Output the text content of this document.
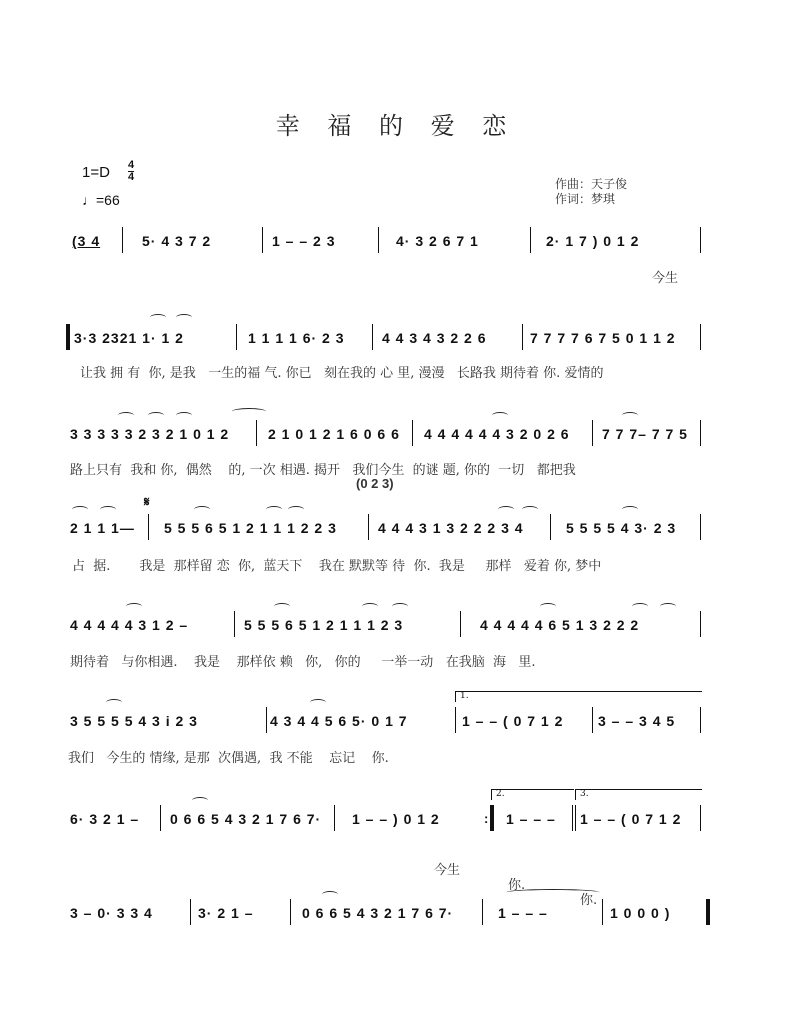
幸 福 的 爱 恋
1=D 4
4
♩=66
作曲：天子俊
作词：梦琪
(3 4	5· 4 3 7 2	1 – – 2 3	4· 3 2 6 7 1	2· 1 7 ) 0 1 2
今生
3·3 2321 1· 1 2	1 1 1 1 6· 2 3	4 4 3 4 3 2 2 6	7 7 7 7 6 7 5 0 1 1 2
让我 拥 有  你, 是我   一生的福 气. 你已   刻在我的 心 里, 漫漫   长路我 期待着 你. 爱情的
3 3 3 3 3 2 3 2 1 0 1 2	2 1 0 1 2 1 6 0 6 6 4 4 4 4 4 4 3 2 0 2 6 7 7 7– 7 7 5
路上只有  我和 你,  偶然    的, 一次 相遇. 揭开   我们今生  的谜 题, 你的  一切   都把我
(0 2 3)
2 1 1 1—
𝄋
5 5 5 6 5 1 2 1 1 1 2 2 3	4 4 4 3 1 3 2 2 2 3 4	5 5 5 5 4 3· 2 3
占  据.       我是  那样留 恋  你,  蓝天下    我在 默默等 待  你.  我是     那样   爱着 你, 梦中
4 4 4 4 4 3 1 2 –	5 5 5 6 5 1 2 1 1 1 2 3	4 4 4 4 4 6 5 1 3 2 2 2
期待着   与你相遇.    我是    那样依 赖   你,   你的     一举一动   在我脑  海   里.
1.
3 5 5 5 5 4 3 i 2 3	4 3 4 4 5 6 5· 0 1 7	1 – – ( 0 7 1 2 3 – – 3 4 5
我们   今生的 情缘, 是那  次偶遇,  我 不能    忘记    你.
2.	3.
6· 3 2 1 – 0 6 6 5 4 3 2 1 7 6 7· 1 – – ) 0 1 2	: 1 – – – 1 – – ( 0 7 1 2

今生

你.

你.

3 – 0· 3 3 4	3· 2 1 –	0 6 6 5 4 3 2 1 7 6 7·	1 – – –	1 0 0 0 )
